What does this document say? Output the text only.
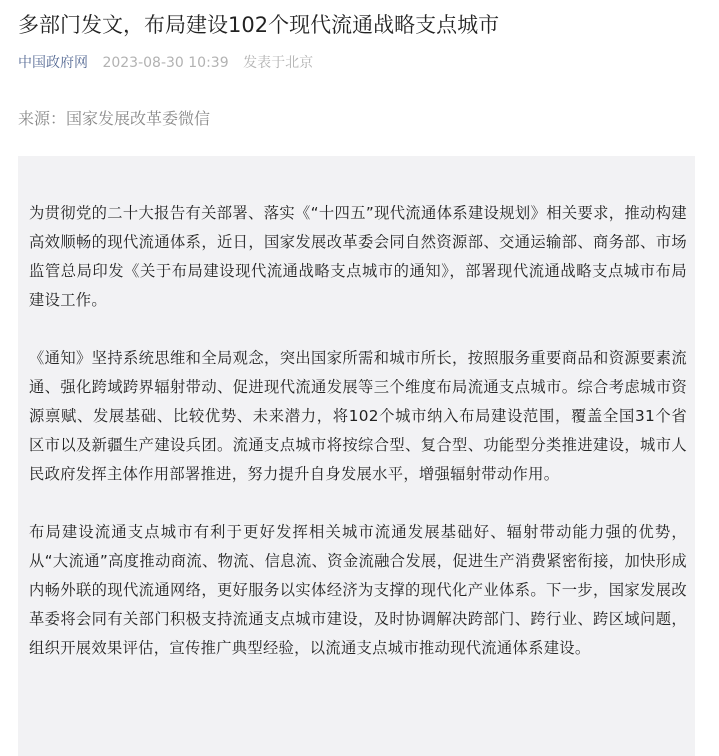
多部门发文，布局建设102个现代流通战略支点城市
中国政府网 2023-08-30 10:39 发表于北京
来源：国家发展改革委微信

为贯彻党的二十大报告有关部署、落实《“十四五”现代流通体系建设规划》相关要求，推动构建高效顺畅的现代流通体系，近日，国家发展改革委会同自然资源部、交通运输部、商务部、市场监管总局印发《关于布局建设现代流通战略支点城市的通知》，部署现代流通战略支点城市布局建设工作。

《通知》坚持系统思维和全局观念，突出国家所需和城市所长，按照服务重要商品和资源要素流通、强化跨域跨界辐射带动、促进现代流通发展等三个维度布局流通支点城市。综合考虑城市资源禀赋、发展基础、比较优势、未来潜力，将102个城市纳入布局建设范围，覆盖全国31个省区市以及新疆生产建设兵团。流通支点城市将按综合型、复合型、功能型分类推进建设，城市人民政府发挥主体作用部署推进，努力提升自身发展水平，增强辐射带动作用。

布局建设流通支点城市有利于更好发挥相关城市流通发展基础好、辐射带动能力强的优势，从“大流通”高度推动商流、物流、信息流、资金流融合发展，促进生产消费紧密衔接，加快形成内畅外联的现代流通网络，更好服务以实体经济为支撑的现代化产业体系。下一步，国家发展改革委将会同有关部门积极支持流通支点城市建设，及时协调解决跨部门、跨行业、跨区域问题，组织开展效果评估，宣传推广典型经验，以流通支点城市推动现代流通体系建设。
